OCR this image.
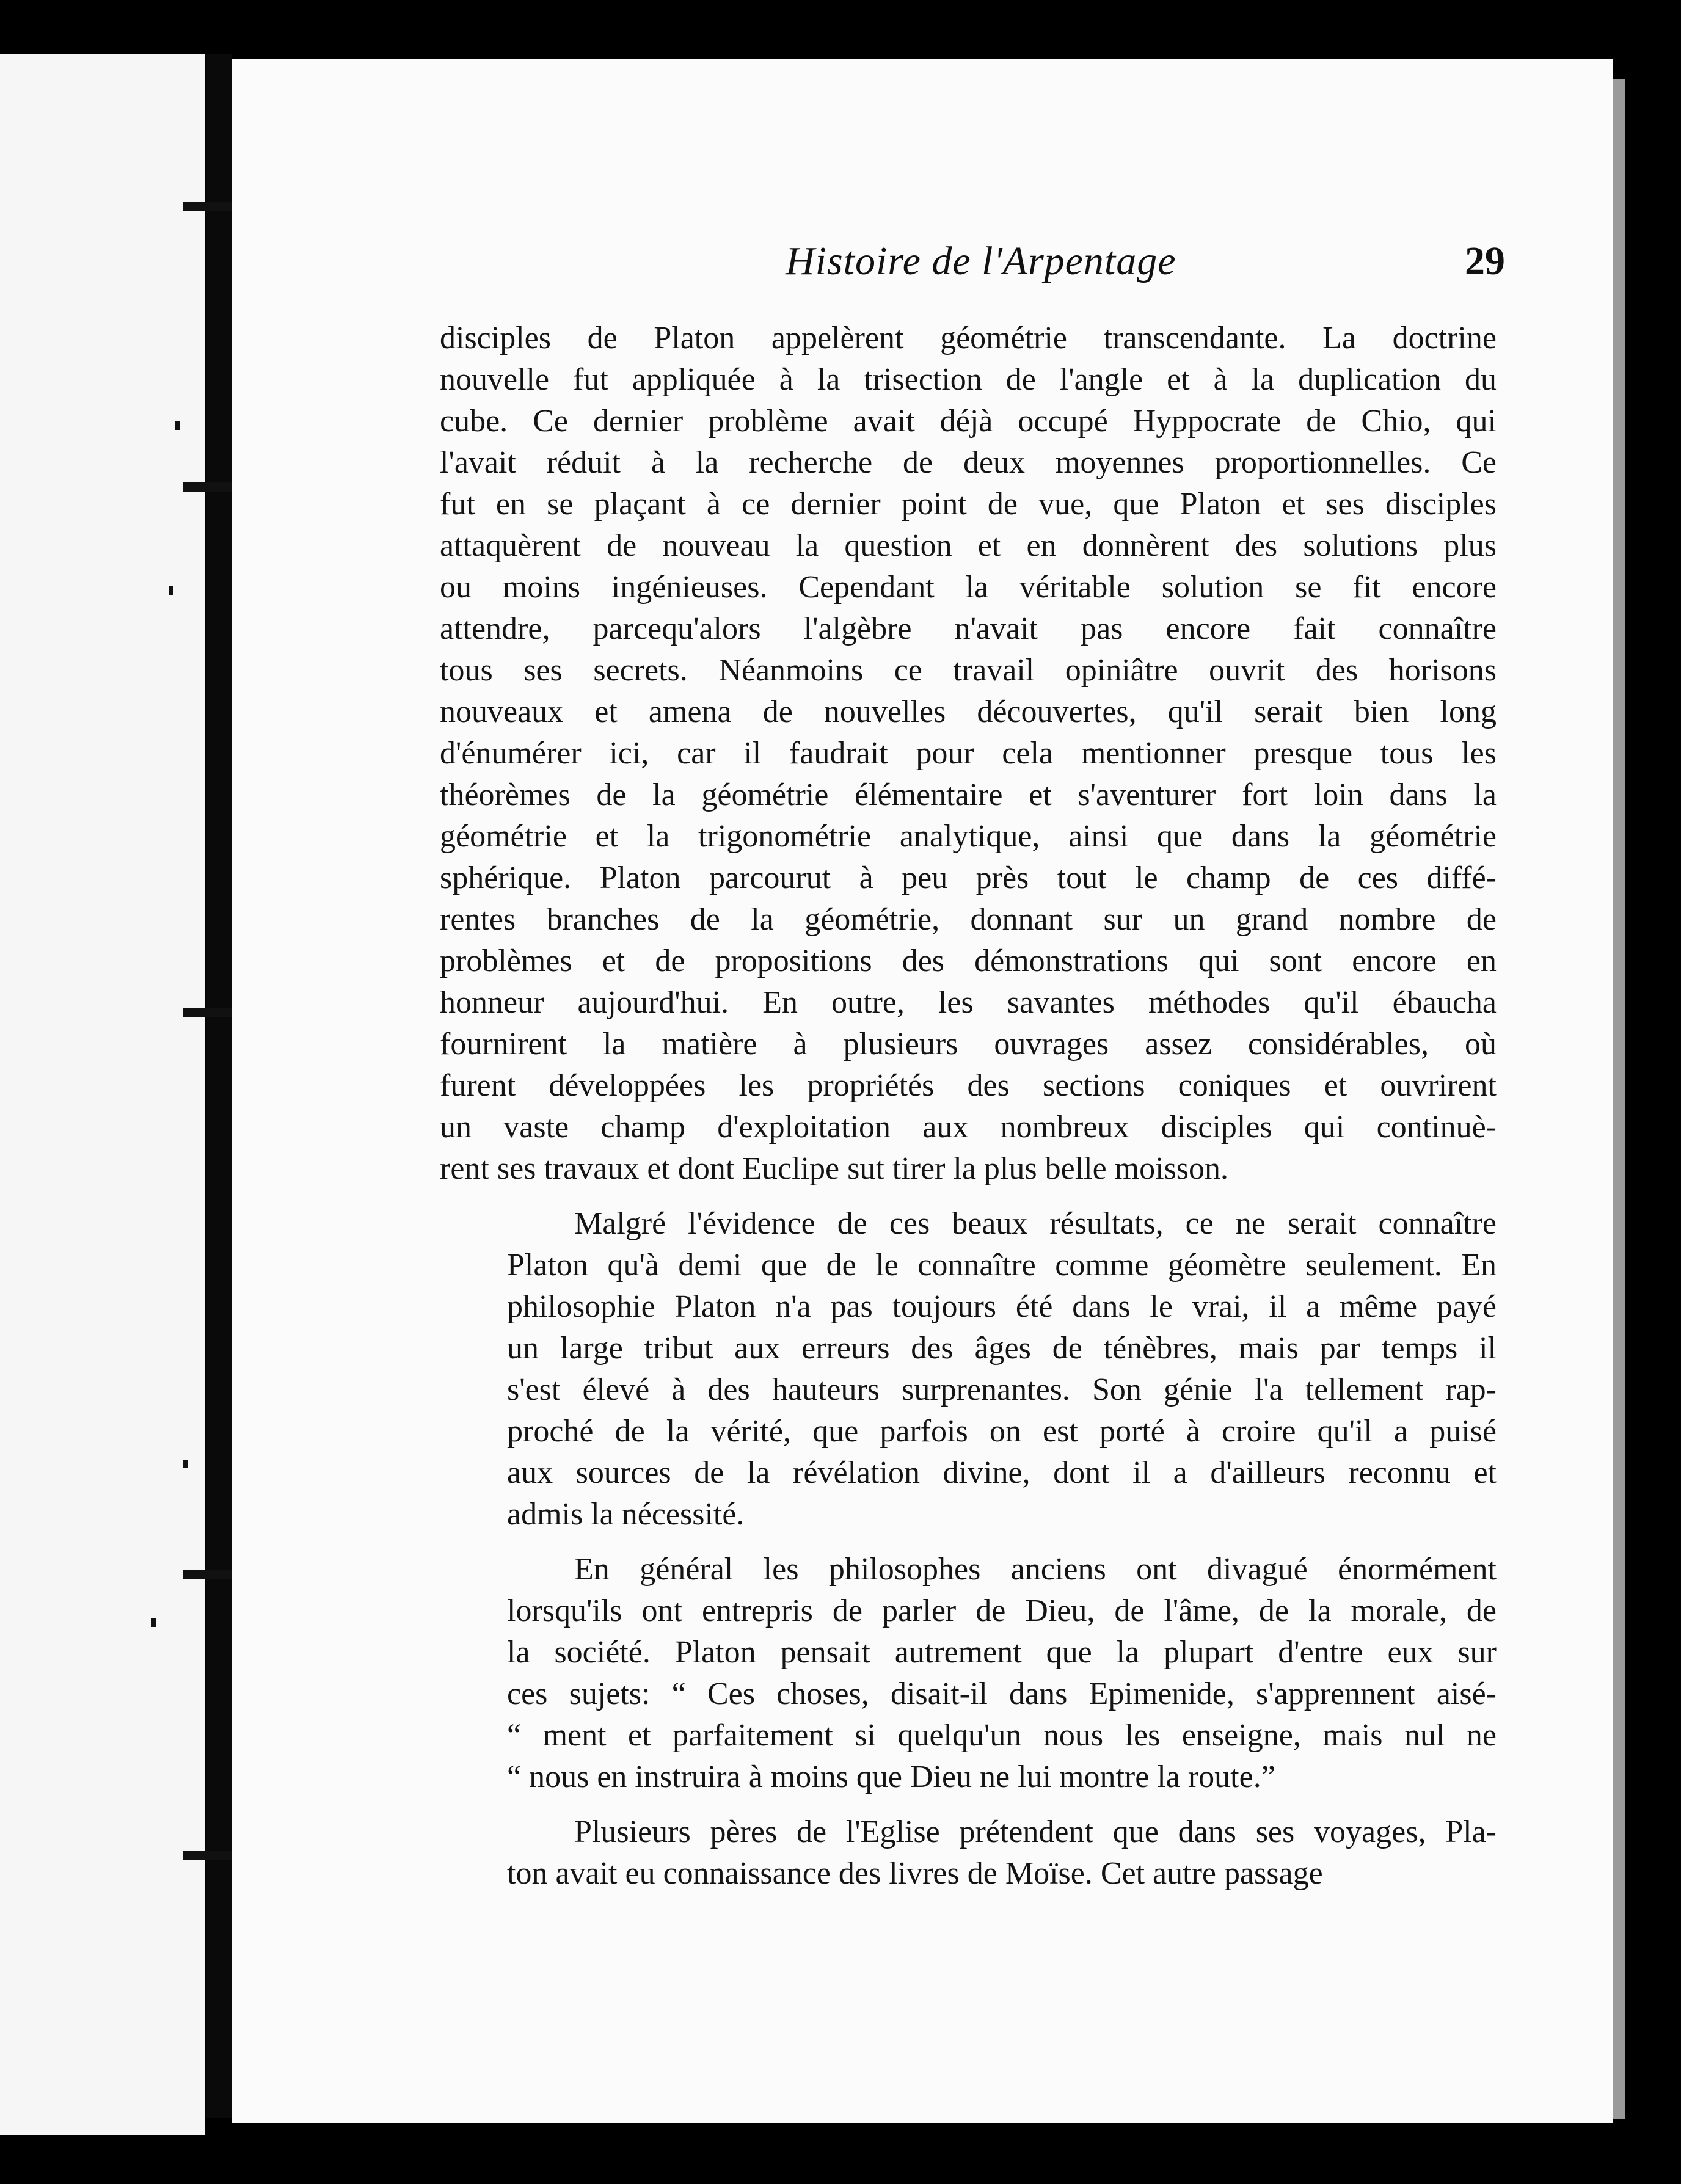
Histoire de l'Arpentage	29
disciples de Platon appelèrent géométrie transcendante. La doctrine
nouvelle fut appliquée à la trisection de l'angle et à la duplication du
cube. Ce dernier problème avait déjà occupé Hyppocrate de Chio, qui
l'avait réduit à la recherche de deux moyennes proportionnelles. Ce
fut en se plaçant à ce dernier point de vue, que Platon et ses disciples
attaquèrent de nouveau la question et en donnèrent des solutions plus
ou moins ingénieuses. Cependant la véritable solution se fit encore
attendre, parcequ'alors l'algèbre n'avait pas encore fait connaître
tous ses secrets. Néanmoins ce travail opiniâtre ouvrit des horisons
nouveaux et amena de nouvelles découvertes, qu'il serait bien long
d'énumérer ici, car il faudrait pour cela mentionner presque tous les
théorèmes de la géométrie élémentaire et s'aventurer fort loin dans la
géométrie et la trigonométrie analytique, ainsi que dans la géométrie
sphérique. Platon parcourut à peu près tout le champ de ces diffé-
rentes branches de la géométrie, donnant sur un grand nombre de
problèmes et de propositions des démonstrations qui sont encore en
honneur aujourd'hui. En outre, les savantes méthodes qu'il ébaucha
fournirent la matière à plusieurs ouvrages assez considérables, où
furent développées les propriétés des sections coniques et ouvrirent
un vaste champ d'exploitation aux nombreux disciples qui continuè-
rent ses travaux et dont Euclipe sut tirer la plus belle moisson.
Malgré l'évidence de ces beaux résultats, ce ne serait connaître
Platon qu'à demi que de le connaître comme géomètre seulement. En
philosophie Platon n'a pas toujours été dans le vrai, il a même payé
un large tribut aux erreurs des âges de ténèbres, mais par temps il
s'est élevé à des hauteurs surprenantes. Son génie l'a tellement rap-
proché de la vérité, que parfois on est porté à croire qu'il a puisé
aux sources de la révélation divine, dont il a d'ailleurs reconnu et
admis la nécessité.
En général les philosophes anciens ont divagué énormément
lorsqu'ils ont entrepris de parler de Dieu, de l'âme, de la morale, de
la société. Platon pensait autrement que la plupart d'entre eux sur
ces sujets: “ Ces choses, disait-il dans Epimenide, s'apprennent aisé-
“ ment et parfaitement si quelqu'un nous les enseigne, mais nul ne
“ nous en instruira à moins que Dieu ne lui montre la route.”
Plusieurs pères de l'Eglise prétendent que dans ses voyages, Pla-
ton avait eu connaissance des livres de Moïse. Cet autre passage
